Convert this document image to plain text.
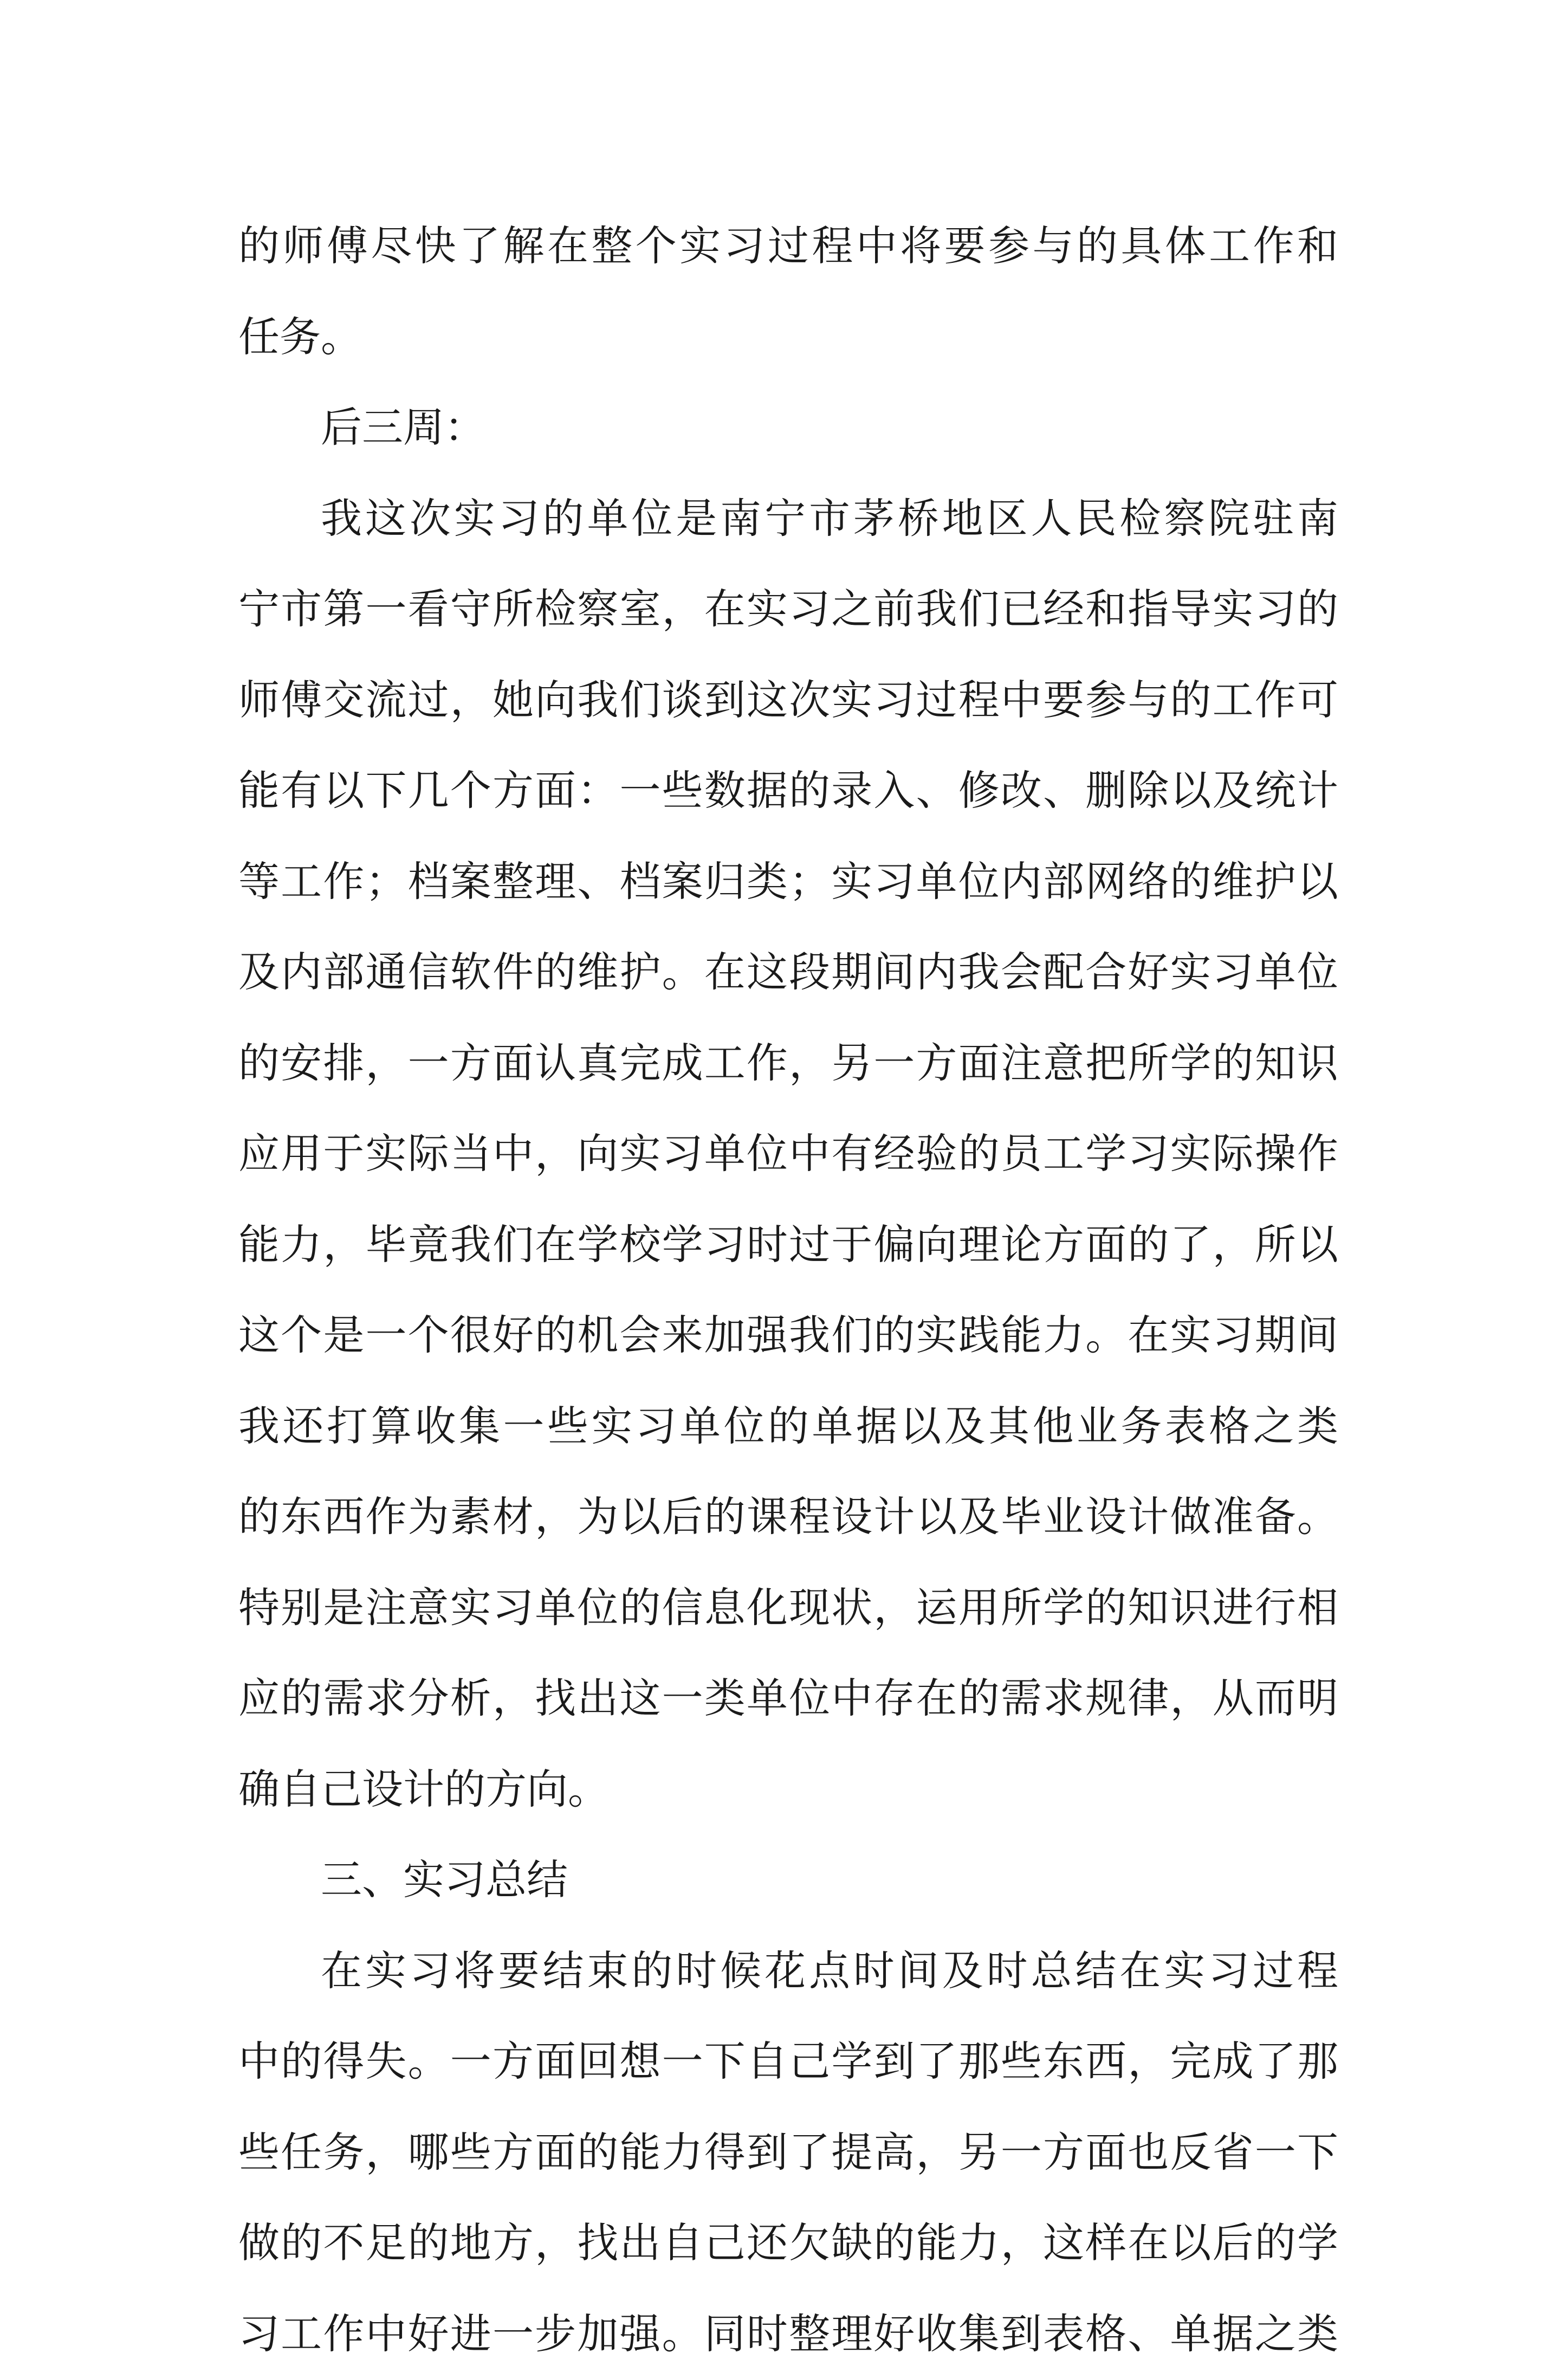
的师傅尽快了解在整个实习过程中将要参与的具体工作和
任务。
后三周：
我这次实习的单位是南宁市茅桥地区人民检察院驻南
宁市第一看守所检察室，在实习之前我们已经和指导实习的
师傅交流过，她向我们谈到这次实习过程中要参与的工作可
能有以下几个方面：一些数据的录入、修改、删除以及统计
等工作；档案整理、档案归类；实习单位内部网络的维护以
及内部通信软件的维护。在这段期间内我会配合好实习单位
的安排，一方面认真完成工作，另一方面注意把所学的知识
应用于实际当中，向实习单位中有经验的员工学习实际操作
能力，毕竟我们在学校学习时过于偏向理论方面的了，所以
这个是一个很好的机会来加强我们的实践能力。在实习期间
我还打算收集一些实习单位的单据以及其他业务表格之类
的东西作为素材，为以后的课程设计以及毕业设计做准备。
特别是注意实习单位的信息化现状，运用所学的知识进行相
应的需求分析，找出这一类单位中存在的需求规律，从而明
确自己设计的方向。
三、实习总结
在实习将要结束的时候花点时间及时总结在实习过程
中的得失。一方面回想一下自己学到了那些东西，完成了那
些任务，哪些方面的能力得到了提高，另一方面也反省一下
做的不足的地方，找出自己还欠缺的能力，这样在以后的学
习工作中好进一步加强。同时整理好收集到表格、单据之类
